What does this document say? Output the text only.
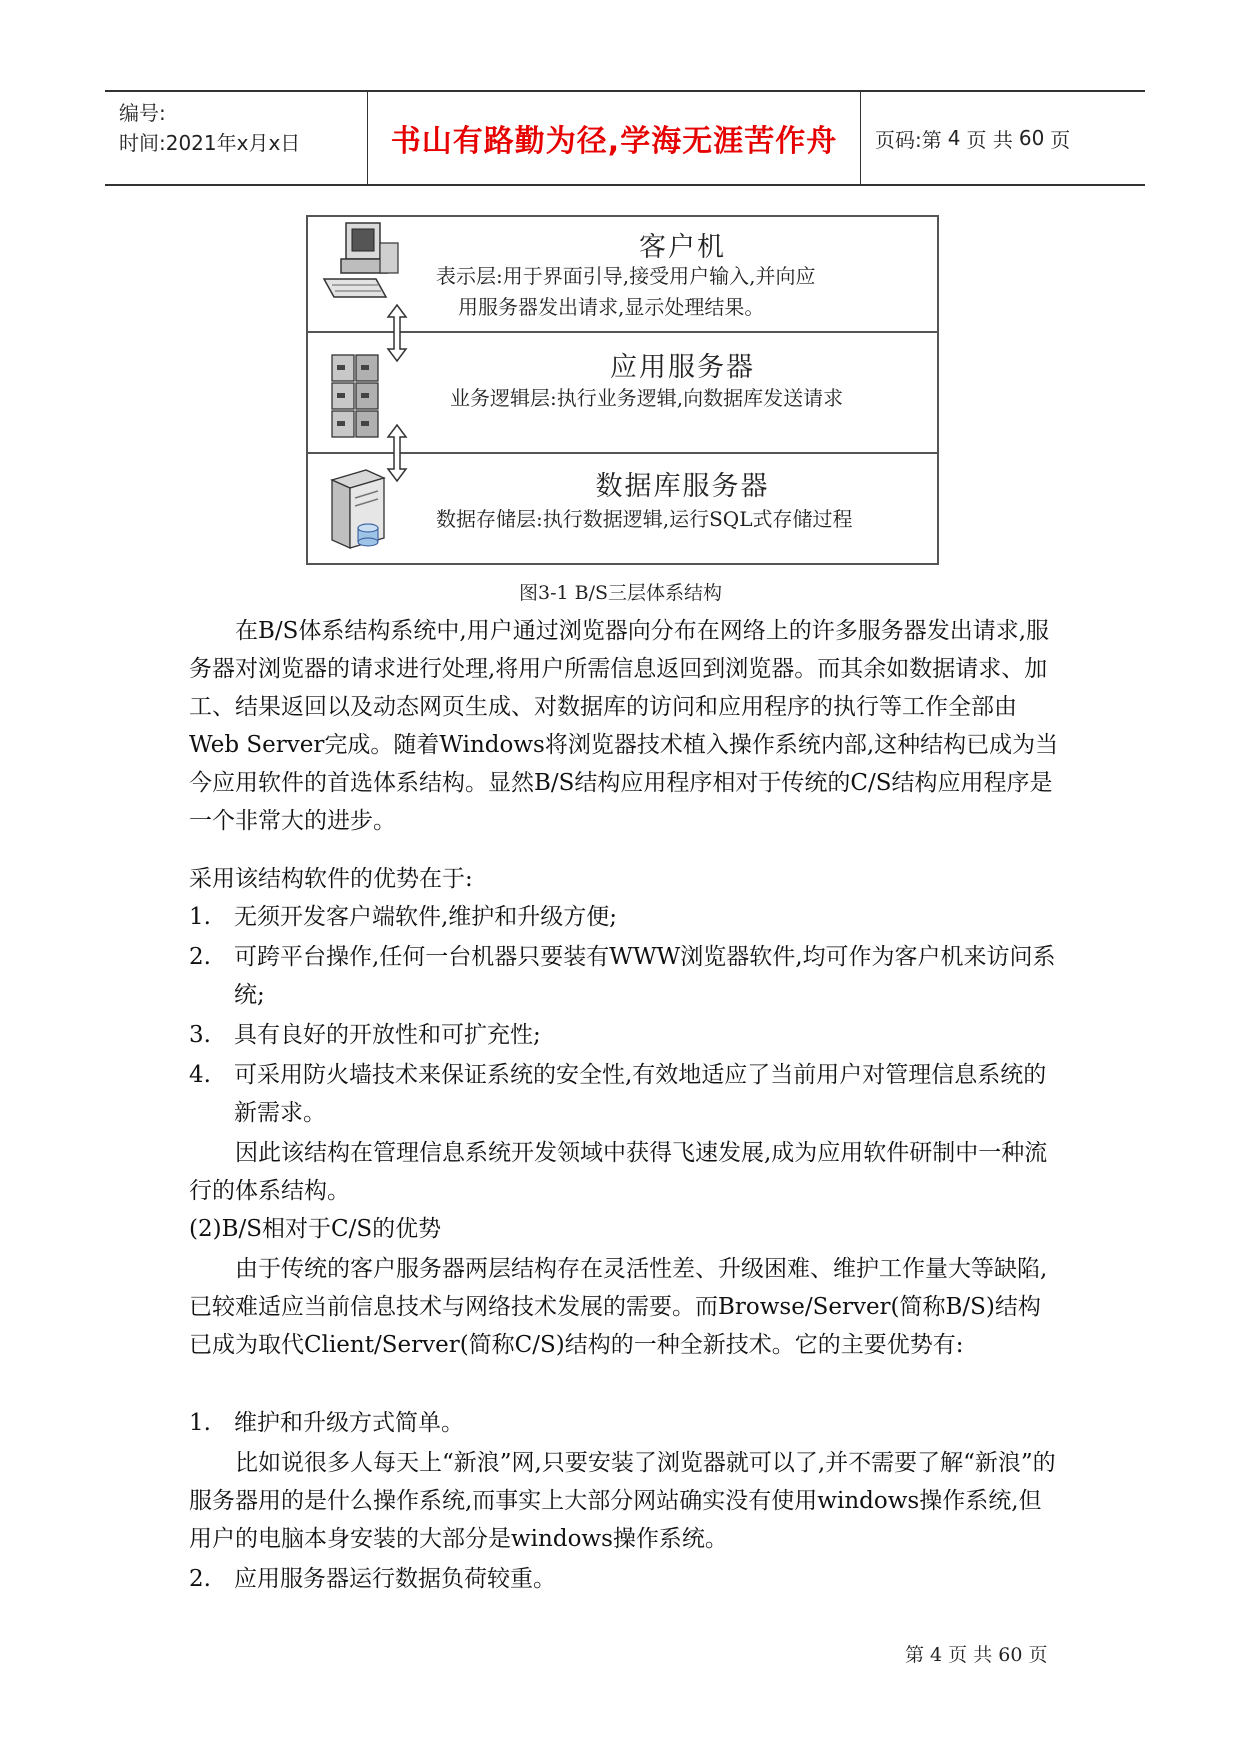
编号:
时间:2021年x月x日	书山有路勤为径,学海无涯苦作舟	页码:第 4 页 共 60 页
客户机
表示层:用于界面引导,接受用户输入,并向应
用服务器发出请求,显示处理结果。
应用服务器
业务逻辑层:执行业务逻辑,向数据库发送请求
数据库服务器
数据存储层:执行数据逻辑,运行SQL式存储过程
图3-1 B/S三层体系结构
在B/S体系结构系统中,用户通过浏览器向分布在网络上的许多服务器发出请求,服务器对浏览器的请求进行处理,将用户所需信息返回到浏览器。而其余如数据请求、加工、结果返回以及动态网页生成、对数据库的访问和应用程序的执行等工作全部由Web Server完成。随着Windows将浏览器技术植入操作系统内部,这种结构已成为当今应用软件的首选体系结构。显然B/S结构应用程序相对于传统的C/S结构应用程序是一个非常大的进步。
采用该结构软件的优势在于:
1. 无须开发客户端软件,维护和升级方便;
2. 可跨平台操作,任何一台机器只要装有WWW浏览器软件,均可作为客户机来访问系统;
3. 具有良好的开放性和可扩充性;
4. 可采用防火墙技术来保证系统的安全性,有效地适应了当前用户对管理信息系统的新需求。
因此该结构在管理信息系统开发领域中获得飞速发展,成为应用软件研制中一种流行的体系结构。
(2)B/S相对于C/S的优势
由于传统的客户服务器两层结构存在灵活性差、升级困难、维护工作量大等缺陷,已较难适应当前信息技术与网络技术发展的需要。而Browse/Server(简称B/S)结构已成为取代Client/Server(简称C/S)结构的一种全新技术。它的主要优势有:
1. 维护和升级方式简单。
比如说很多人每天上“新浪”网,只要安装了浏览器就可以了,并不需要了解“新浪”的服务器用的是什么操作系统,而事实上大部分网站确实没有使用windows操作系统,但用户的电脑本身安装的大部分是windows操作系统。
2. 应用服务器运行数据负荷较重。
第 4 页 共 60 页
